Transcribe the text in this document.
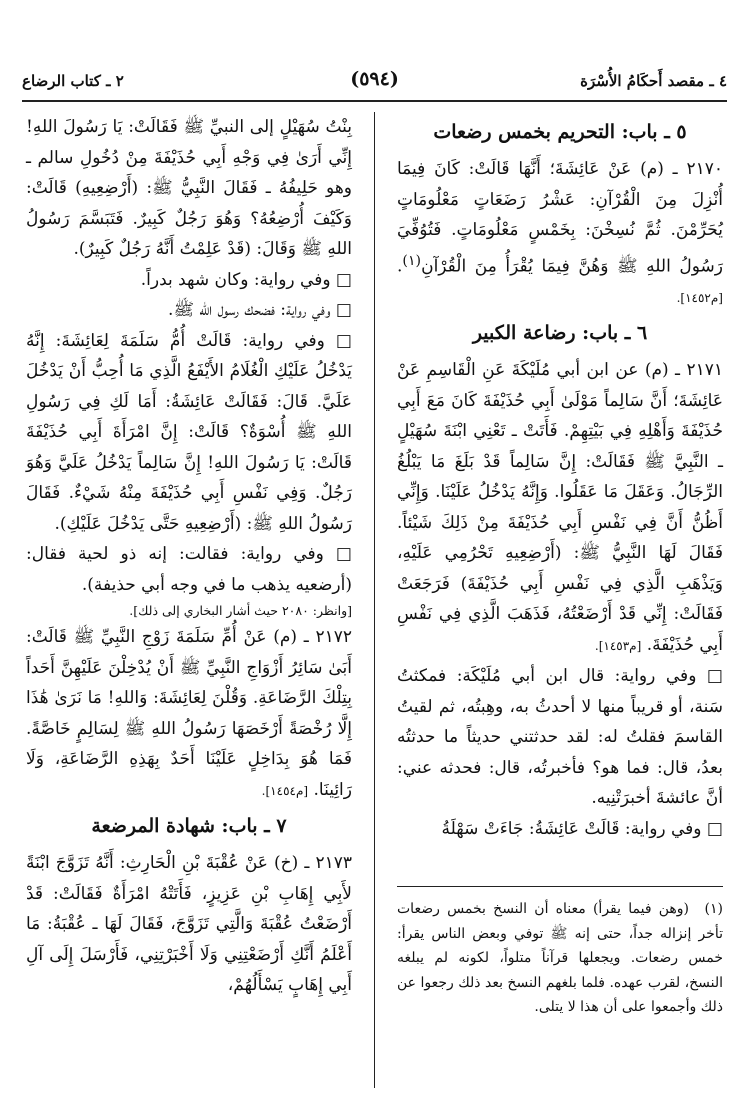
٤ ـ مقصد أَحكَامُ الأُسْرَة
(٥٩٤)
٢ ـ كتاب الرضاع
٥ ـ باب: التحريم بخمس رضعات

٢١٧٠ ـ (م) عَنْ عَائِشَةَ؛ أَنَّهَا قَالَتْ: كَانَ فِيمَا أُنْزِلَ مِنَ الْقُرْآنِ: عَشْرُ رَضَعَاتٍ مَعْلُومَاتٍ يُحَرِّمْنَ. ثُمَّ نُسِخْنَ: بِخَمْسٍ مَعْلُومَاتٍ. فَتُوُفِّيَ رَسُولُ اللهِ ﷺ وَهُنَّ فِيمَا يُقْرَأُ مِنَ الْقُرْآنِ$^{(١)}$. [م١٤٥٢].

٦ ـ باب: رضاعة الكبير

٢١٧١ ـ (م) عن ابن أبي مُلَيْكَةَ عَنِ الْقَاسِمِ عَنْ عَائِشَةَ؛ أَنَّ سَالِماً مَوْلَىٰ أَبِي حُذَيْفَةَ كَانَ مَعَ أَبِي حُذَيْفَةَ وَأَهْلِهِ فِي بَيْتِهِمْ. فَأَتَتْ ـ تَعْنِي ابْنَةَ سُهَيْلٍ ـ النَّبِيَّ ﷺ فَقَالَتْ: إِنَّ سَالِماً قَدْ بَلَغَ مَا يَبْلُغُ الرِّجَالُ. وَعَقَلَ مَا عَقَلُوا. وَإِنَّهُ يَدْخُلُ عَلَيْنَا. وَإِنِّي أَظُنُّ أَنَّ فِي نَفْسِ أَبِي حُذَيْفَةَ مِنْ ذَلِكَ شَيْئاً. فَقَالَ لَهَا النَّبِيُّ ﷺ: (أَرْضِعِيهِ تَحْرُمِي عَلَيْهِ، وَيَذْهَبِ الَّذِي فِي نَفْسِ أَبِي حُذَيْفَةَ) فَرَجَعَتْ فَقَالَتْ: إِنِّي قَدْ أَرْضَعْتُهُ، فَذَهَبَ الَّذِي فِي نَفْسِ أَبِي حُذَيْفَةَ. [م١٤٥٣].

□ وفي رواية: قال ابن أبي مُلَيْكَة: فمكثتُ سَنة، أو قريباً منها لا أحدثُ به، وهِبتُه، ثم لقيتُ القاسمَ فقلتُ له: لقد حدثتني حديثاً ما حدثتُه بعدُ، قال: فما هو؟ فأخبرتُه، قال: فحدثه عني: أنَّ عائشةَ أخبرَتْنِيه.

□ وفي رواية: قَالَتْ عَائِشَةُ: جَاءَتْ سَهْلَةُ

بِنْتُ سُهَيْلٍ إلى النبيِّ ﷺ فَقَالَتْ: يَا رَسُولَ اللهِ! إِنِّي أَرَىٰ فِي وَجْهِ أَبِي حُذَيْفَةَ مِنْ دُخُولِ سالم ـ وهو حَلِيفُهُ ـ فَقَالَ النَّبِيُّ ﷺ: (أَرْضِعِيهِ) قَالَتْ: وَكَيْفَ أُرْضِعُهُ؟ وَهُوَ رَجُلٌ كَبِيرٌ. فَتَبَسَّمَ رَسُولُ اللهِ ﷺ وَقَالَ: (قَدْ عَلِمْتُ أَنَّهُ رَجُلٌ كَبِيرٌ).

□ وفي رواية: وكان شهد بدراً.

□ وفي رواية: فضحك رسول الله ﷺ.

□ وفي رواية: قَالَتْ أُمُّ سَلَمَةَ لِعَائِشَةَ: إِنَّهُ يَدْخُلُ عَلَيْكِ الْغُلَامُ الأَيْفَعُ الَّذِي مَا أُحِبُّ أَنْ يَدْخُلَ عَلَيَّ. قَالَ: فَقَالَتْ عَائِشَةُ: أَمَا لَكِ فِي رَسُولِ اللهِ ﷺ أُسْوَةٌ؟ قَالَتْ: إِنَّ امْرَأَةَ أَبِي حُذَيْفَةَ قَالَتْ: يَا رَسُولَ اللهِ! إِنَّ سَالِماً يَدْخُلُ عَلَيَّ وَهُوَ رَجُلٌ. وَفِي نَفْسِ أَبِي حُذَيْفَةَ مِنْهُ شَيْءٌ. فَقَالَ رَسُولُ اللهِ ﷺ: (أَرْضِعِيهِ حَتَّى يَدْخُلَ عَلَيْكِ).

□ وفي رواية: فقالت: إنه ذو لحية فقال: (أرضعيه يذهب ما في وجه أبي حذيفة).

[وانظر: ٢٠٨٠ حيث أشار البخاري إلى ذلك].

٢١٧٢ ـ (م) عَنْ أُمِّ سَلَمَةَ زَوْجِ النَّبِيِّ ﷺ قَالَتْ: أَبَىٰ سَائِرُ أَزْوَاجِ النَّبِيِّ ﷺ أَنْ يُدْخِلْنَ عَلَيْهِنَّ أَحَداً بِتِلْكَ الرَّضَاعَةِ. وَقُلْنَ لِعَائِشَةَ: وَاللهِ! مَا نَرَىٰ هَٰذَا إِلَّا رُخْصَةً أَرْخَصَهَا رَسُولُ اللهِ ﷺ لِسَالِمٍ خَاصَّةً. فَمَا هُوَ بِدَاخِلٍ عَلَيْنَا أَحَدٌ بِهَذِهِ الرَّضَاعَةِ، وَلَا رَائِينَا. [م١٤٥٤].

٧ ـ باب: شهادة المرضعة

٢١٧٣ ـ (خ) عَنْ عُقْبَةَ بْنِ الْحَارِثِ: أَنَّهُ تَزَوَّجَ ابْنَةً لأَبِي إِهَابِ بْنِ عَزِيزٍ، فَأَتَتْهُ امْرَأَةٌ فَقَالَتْ: قَدْ أَرْضَعْتُ عُقْبَةَ وَالَّتِي تَزَوَّجَ، فَقَالَ لَهَا ـ عُقْبَةُ: مَا أَعْلَمُ أَنَّكِ أَرْضَعْتِنِي وَلَا أَخْبَرْتِنِي، فَأَرْسَلَ إِلَى آلِ أَبِي إِهَابٍ يَسْأَلُهُمْ،

(١)(وهن فيما يقرأ) معناه أن النسخ بخمس رضعات تأخر إنزاله جداً، حتى إنه ﷺ توفي وبعض الناس يقرأ: خمس رضعات. ويجعلها قرآناً متلواً، لكونه لم يبلغه النسخ، لقرب عهده. فلما بلغهم النسخ بعد ذلك رجعوا عن ذلك وأجمعوا على أن هذا لا يتلى.
